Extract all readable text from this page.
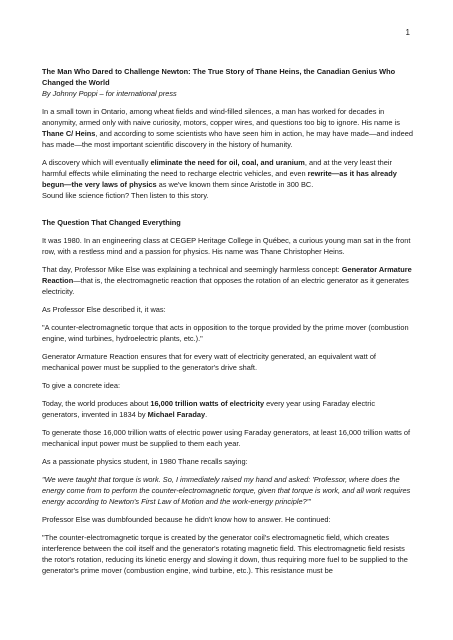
1
The Man Who Dared to Challenge Newton: The True Story of Thane Heins, the Canadian Genius Who Changed the World
By Johnny Poppi – for international press

In a small town in Ontario, among wheat fields and wind-filled silences, a man has worked for decades in anonymity, armed only with naive curiosity, motors, copper wires, and questions too big to ignore. His name is Thane C/ Heins, and according to some scientists who have seen him in action, he may have made—and indeed has made—the most important scientific discovery in the history of humanity.

A discovery which will eventually eliminate the need for oil, coal, and uranium, and at the very least their harmful effects while eliminating the need to recharge electric vehicles, and even rewrite—as it has already begun—the very laws of physics as we've known them since Aristotle in 300 BC.
Sound like science fiction? Then listen to this story.

The Question That Changed Everything

It was 1980. In an engineering class at CEGEP Heritage College in Québec, a curious young man sat in the front row, with a restless mind and a passion for physics. His name was Thane Christopher Heins.

That day, Professor Mike Else was explaining a technical and seemingly harmless concept: Generator Armature Reaction—that is, the electromagnetic reaction that opposes the rotation of an electric generator as it generates electricity.

As Professor Else described it, it was:

"A counter-electromagnetic torque that acts in opposition to the torque provided by the prime mover (combustion engine, wind turbines, hydroelectric plants, etc.)."

Generator Armature Reaction ensures that for every watt of electricity generated, an equivalent watt of mechanical power must be supplied to the generator's drive shaft.

To give a concrete idea:

Today, the world produces about 16,000 trillion watts of electricity every year using Faraday electric generators, invented in 1834 by Michael Faraday.

To generate those 16,000 trillion watts of electric power using Faraday generators, at least 16,000 trillion watts of mechanical input power must be supplied to them each year.

As a passionate physics student, in 1980 Thane recalls saying:

"We were taught that torque is work. So, I immediately raised my hand and asked: 'Professor, where does the energy come from to perform the counter-electromagnetic torque, given that torque is work, and all work requires energy according to Newton's First Law of Motion and the work-energy principle?'"

Professor Else was dumbfounded because he didn't know how to answer. He continued:

"The counter-electromagnetic torque is created by the generator coil's electromagnetic field, which creates interference between the coil itself and the generator's rotating magnetic field. This electromagnetic field resists the rotor's rotation, reducing its kinetic energy and slowing it down, thus requiring more fuel to be supplied to the generator's prime mover (combustion engine, wind turbine, etc.). This resistance must be
